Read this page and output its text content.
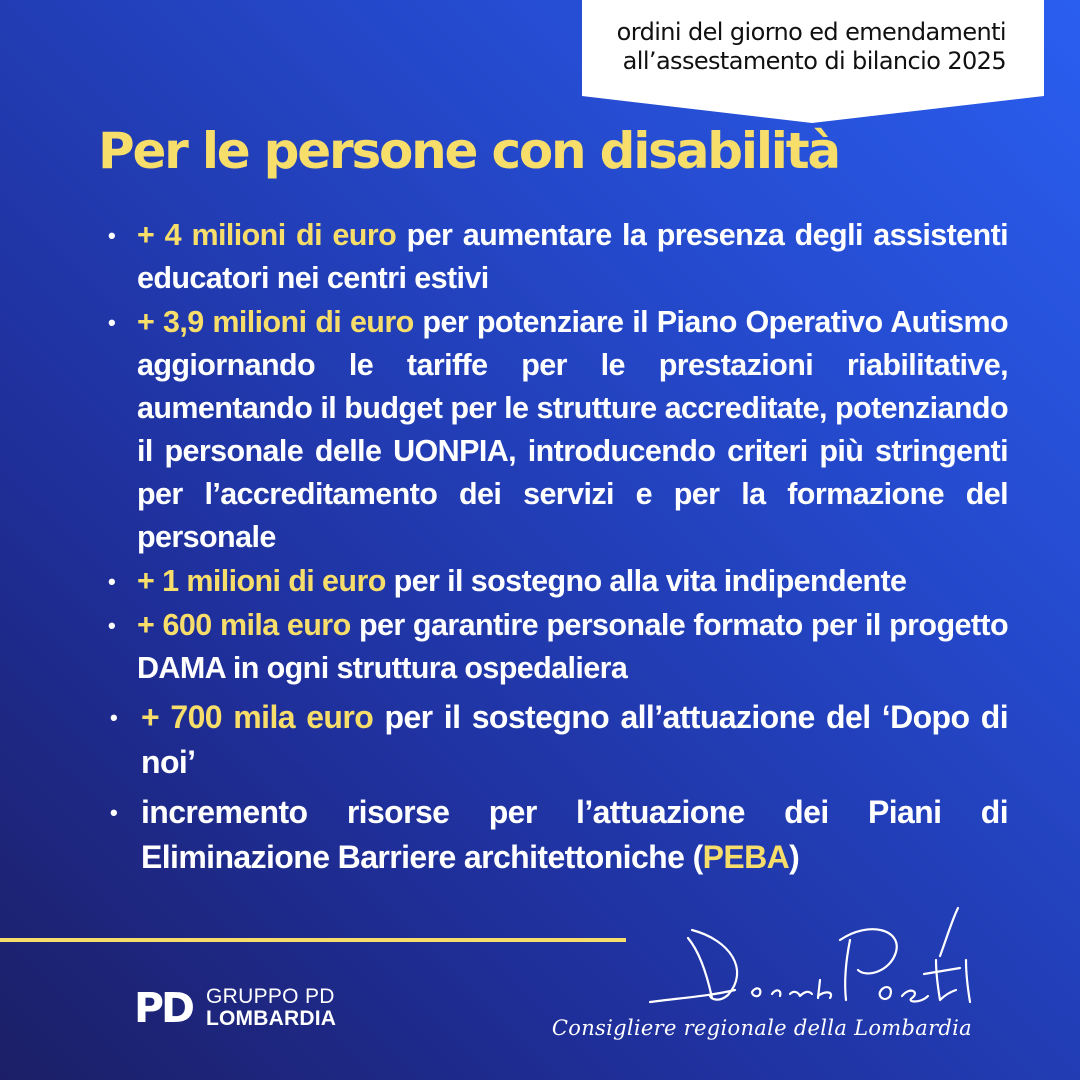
ordini del giorno ed emendamenti
all’assestamento di bilancio 2025
Per le persone con disabilità
• + 4 milioni di euro per aumentare la presenza degli assistenti educatori nei centri estivi
• + 3,9 milioni di euro per potenziare il Piano Operativo Autismo aggiornando le tariffe per le prestazioni riabilitative, aumentando il budget per le strutture accreditate, potenziando il personale delle UONPIA, introducendo criteri più stringenti per l’accreditamento dei servizi e per la formazione del personale
• + 1 milioni di euro per il sostegno alla vita indipendente
• + 600 mila euro per garantire personale formato per il progetto DAMA in ogni struttura ospedaliera
• + 700 mila euro per il sostegno all’attuazione del ‘Dopo di noi’
• incremento risorse per l’attuazione dei Piani di Eliminazione Barriere architettoniche (PEBA)
PD GRUPPO PD
LOMBARDIA	Consigliere regionale della Lombardia
